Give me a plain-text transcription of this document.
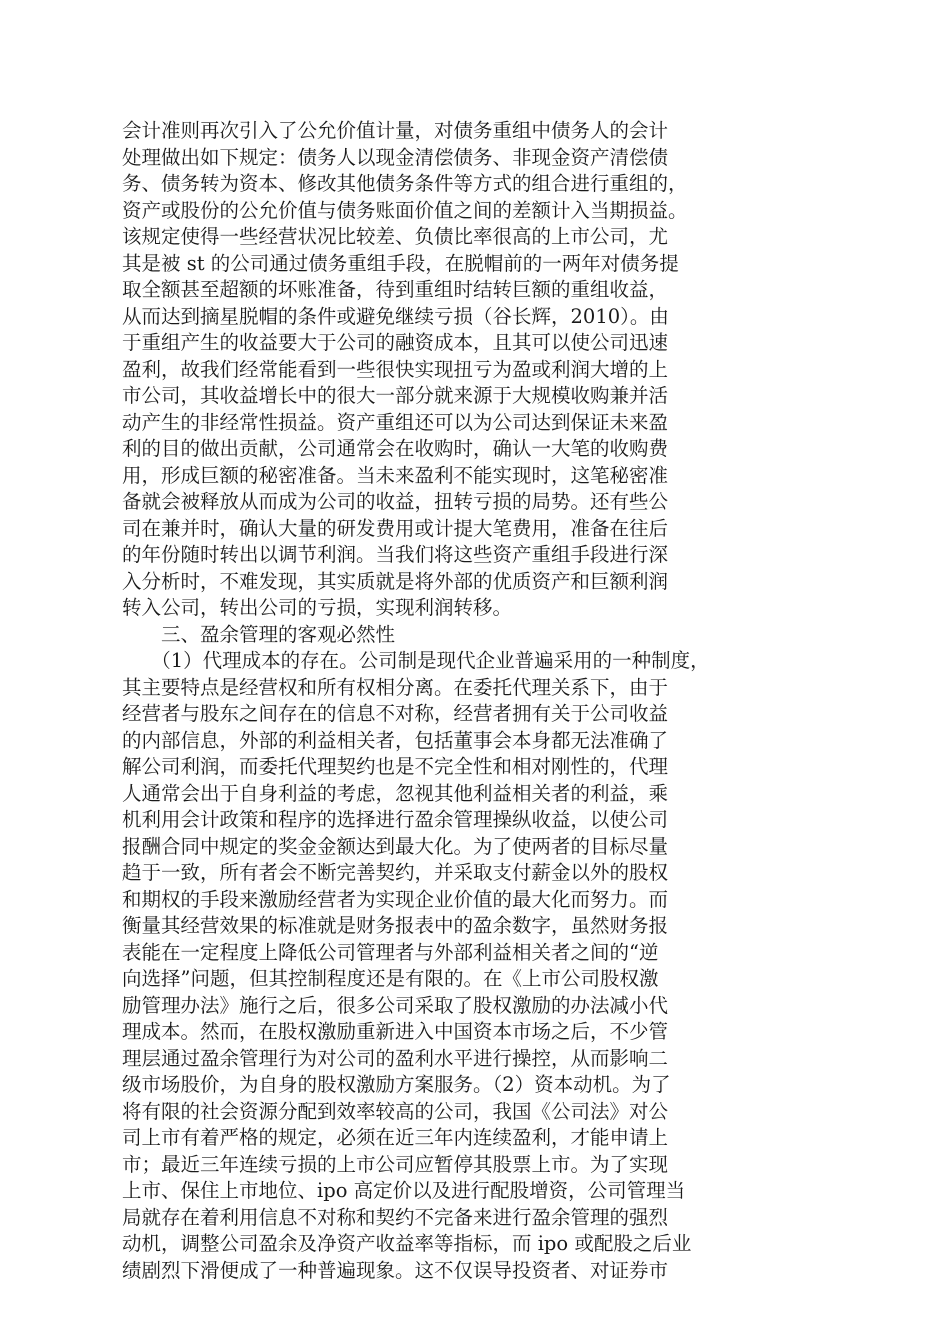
会计准则再次引入了公允价值计量，对债务重组中债务人的会计
处理做出如下规定：债务人以现金清偿债务、非现金资产清偿债
务、债务转为资本、修改其他债务条件等方式的组合进行重组的，
资产或股份的公允价值与债务账面价值之间的差额计入当期损益。
该规定使得一些经营状况比较差、负债比率很高的上市公司，尤
其是被 st 的公司通过债务重组手段，在脱帽前的一两年对债务提
取全额甚至超额的坏账准备，待到重组时结转巨额的重组收益，
从而达到摘星脱帽的条件或避免继续亏损（谷长辉，2010）。由
于重组产生的收益要大于公司的融资成本，且其可以使公司迅速
盈利，故我们经常能看到一些很快实现扭亏为盈或利润大增的上
市公司，其收益增长中的很大一部分就来源于大规模收购兼并活
动产生的非经常性损益。资产重组还可以为公司达到保证未来盈
利的目的做出贡献，公司通常会在收购时，确认一大笔的收购费
用，形成巨额的秘密准备。当未来盈利不能实现时，这笔秘密准
备就会被释放从而成为公司的收益，扭转亏损的局势。还有些公
司在兼并时，确认大量的研发费用或计提大笔费用，准备在往后
的年份随时转出以调节利润。当我们将这些资产重组手段进行深
入分析时，不难发现，其实质就是将外部的优质资产和巨额利润
转入公司，转出公司的亏损，实现利润转移。
　　三、盈余管理的客观必然性
　　（1）代理成本的存在。公司制是现代企业普遍采用的一种制度，
其主要特点是经营权和所有权相分离。在委托代理关系下，由于
经营者与股东之间存在的信息不对称，经营者拥有关于公司收益
的内部信息，外部的利益相关者，包括董事会本身都无法准确了
解公司利润，而委托代理契约也是不完全性和相对刚性的，代理
人通常会出于自身利益的考虑，忽视其他利益相关者的利益，乘
机利用会计政策和程序的选择进行盈余管理操纵收益，以使公司
报酬合同中规定的奖金金额达到最大化。为了使两者的目标尽量
趋于一致，所有者会不断完善契约，并采取支付薪金以外的股权
和期权的手段来激励经营者为实现企业价值的最大化而努力。而
衡量其经营效果的标准就是财务报表中的盈余数字，虽然财务报
表能在一定程度上降低公司管理者与外部利益相关者之间的“逆
向选择”问题，但其控制程度还是有限的。在《上市公司股权激
励管理办法》施行之后，很多公司采取了股权激励的办法减小代
理成本。然而，在股权激励重新进入中国资本市场之后，不少管
理层通过盈余管理行为对公司的盈利水平进行操控，从而影响二
级市场股价，为自身的股权激励方案服务。（2）资本动机。为了
将有限的社会资源分配到效率较高的公司，我国《公司法》对公
司上市有着严格的规定，必须在近三年内连续盈利，才能申请上
市；最近三年连续亏损的上市公司应暂停其股票上市。为了实现
上市、保住上市地位、ipo 高定价以及进行配股增资，公司管理当
局就存在着利用信息不对称和契约不完备来进行盈余管理的强烈
动机，调整公司盈余及净资产收益率等指标，而 ipo 或配股之后业
绩剧烈下滑便成了一种普遍现象。这不仅误导投资者、对证券市
